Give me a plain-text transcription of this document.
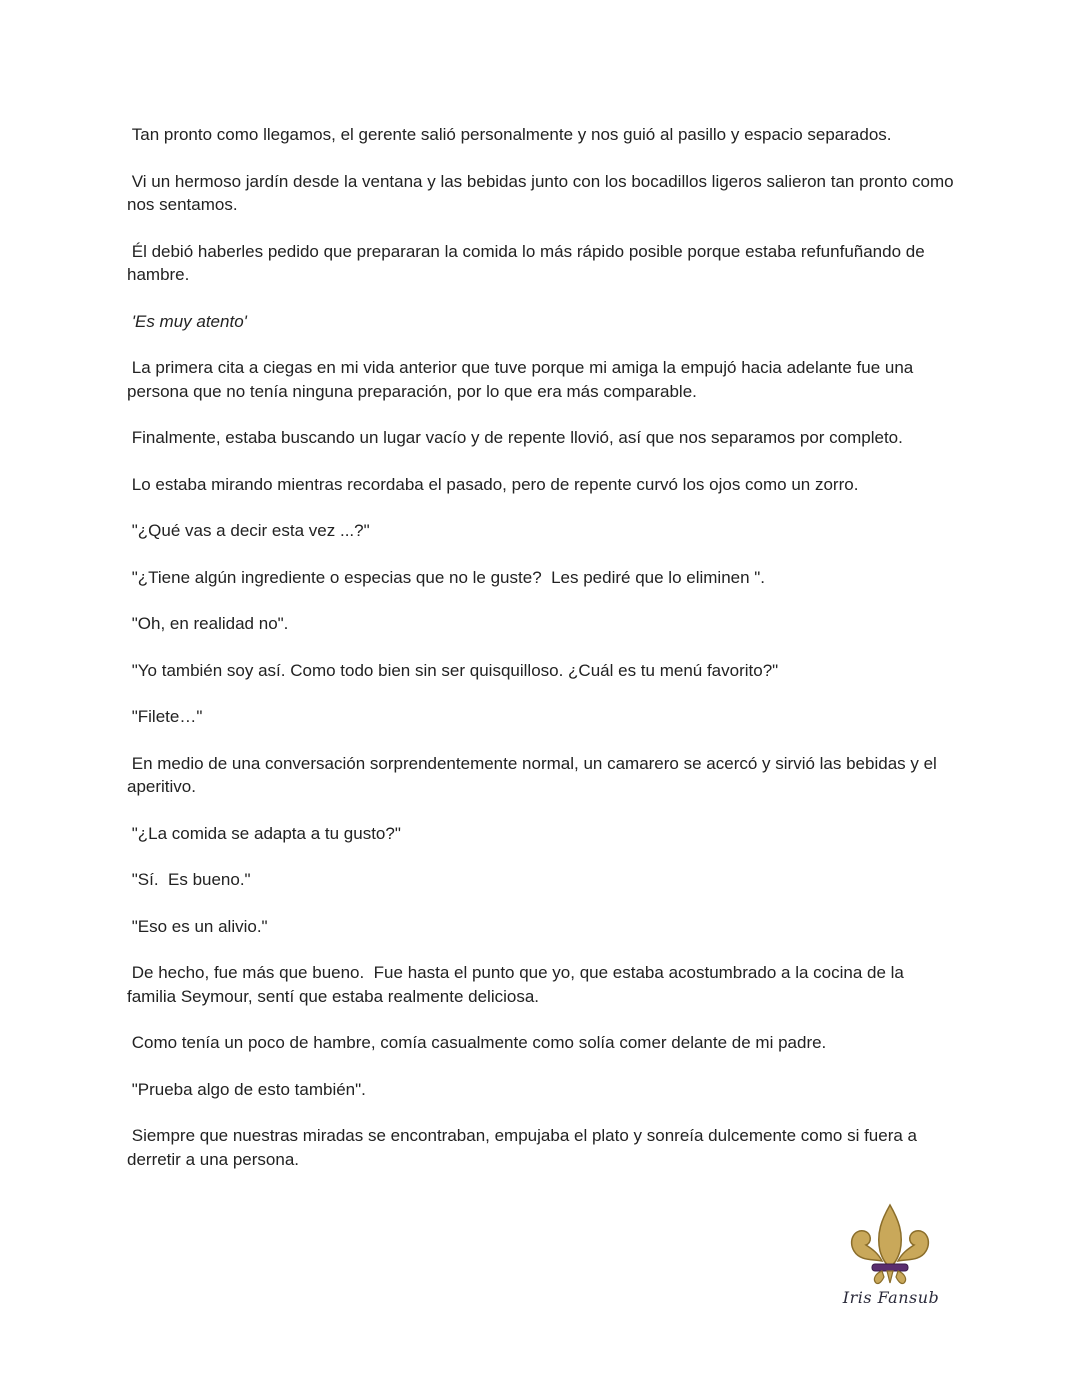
Tan pronto como llegamos, el gerente salió personalmente y nos guió al pasillo y espacio separados.

Vi un hermoso jardín desde la ventana y las bebidas junto con los bocadillos ligeros salieron tan pronto como nos sentamos.

Él debió haberles pedido que prepararan la comida lo más rápido posible porque estaba refunfuñando de hambre.

'Es muy atento'

La primera cita a ciegas en mi vida anterior que tuve porque mi amiga la empujó hacia adelante fue una persona que no tenía ninguna preparación, por lo que era más comparable.

Finalmente, estaba buscando un lugar vacío y de repente llovió, así que nos separamos por completo.

Lo estaba mirando mientras recordaba el pasado, pero de repente curvó los ojos como un zorro.

"¿Qué vas a decir esta vez ...?"

"¿Tiene algún ingrediente o especias que no le guste?  Les pediré que lo eliminen ".

"Oh, en realidad no".

"Yo también soy así. Como todo bien sin ser quisquilloso. ¿Cuál es tu menú favorito?"

"Filete…"

En medio de una conversación sorprendentemente normal, un camarero se acercó y sirvió las bebidas y el aperitivo.

"¿La comida se adapta a tu gusto?"

"Sí.  Es bueno."

"Eso es un alivio."

De hecho, fue más que bueno.  Fue hasta el punto que yo, que estaba acostumbrado a la cocina de la familia Seymour, sentí que estaba realmente deliciosa.

Como tenía un poco de hambre, comía casualmente como solía comer delante de mi padre.

"Prueba algo de esto también".

Siempre que nuestras miradas se encontraban, empujaba el plato y sonreía dulcemente como si fuera a derretir a una persona.

Iris Fansub
